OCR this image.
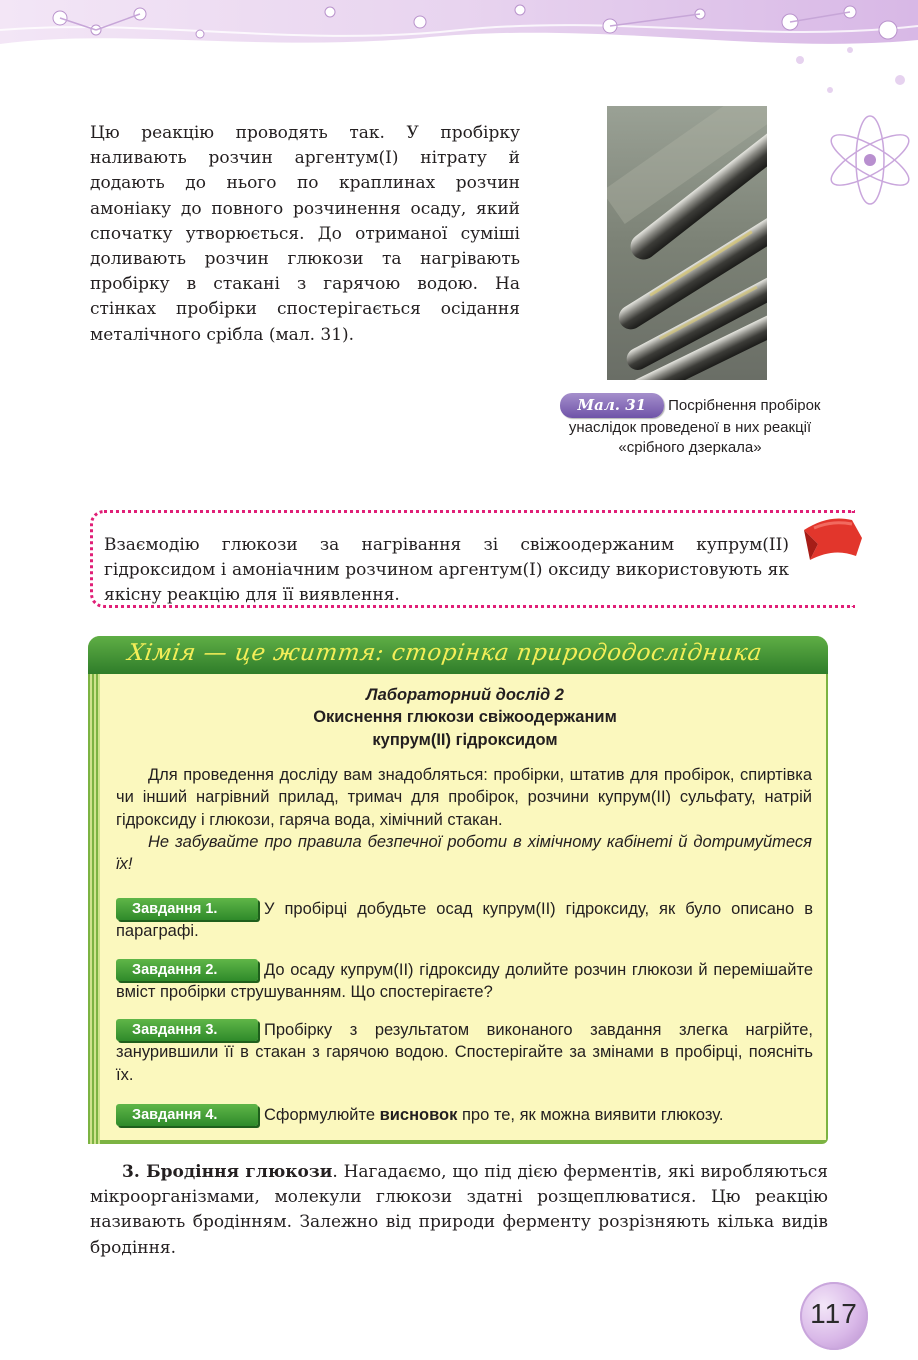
Цю реакцію проводять так. У пробірку наливають розчин аргентум(I) нітрату й додають до нього по краплинах розчин амоніаку до повного розчинення осаду, який спочатку утворюється. До отриманої суміші доливають розчин глюкози та нагрівають пробірку в стакані з гарячою водою. На стінках пробірки спостерігається осідання металічного срібла (мал. 31).

Мал. 31 Посрібнення пробірок унаслідок проведеної в них реакції «срібного дзеркала»

Взаємодію глюкози за нагрівання зі свіжоодержаним купрум(II) гідроксидом і амоніачним розчином аргентум(I) оксиду використовують як якісну реакцію для її виявлення.

Хімія — це життя: сторінка природодослідника
Лабораторний дослід 2
Окиснення глюкози свіжоодержаним
купрум(II) гідроксидом

Для проведення досліду вам знадобляться: пробірки, штатив для пробірок, спиртівка чи інший нагрівний прилад, тримач для пробірок, розчини купрум(II) сульфату, натрій гідроксиду і глюкози, гаряча вода, хімічний стакан.

Не забувайте про правила безпечної роботи в хімічному кабінеті й дотримуйтеся їх!

Завдання 1.	У пробірці добудьте осад купрум(II) гідроксиду, як було описано в параграфі.

Завдання 2.	До осаду купрум(II) гідроксиду долийте розчин глюкози й перемішайте вміст пробірки струшуванням. Що спостерігаєте?

Завдання 3.	Пробірку з результатом виконаного завдання злегка нагрійте, занурившили її в стакан з гарячою водою. Спостерігайте за змінами в пробірці, поясніть їх.

Завдання 4.	Сформулюйте висновок про те, як можна виявити глюкозу.

3. Бродіння глюкози. Нагадаємо, що під дією ферментів, які виробляються мікроорганізмами, молекули глюкози здатні розщеплюватися. Цю реакцію називають бродінням. Залежно від природи ферменту розрізняють кілька видів бродіння.

117
